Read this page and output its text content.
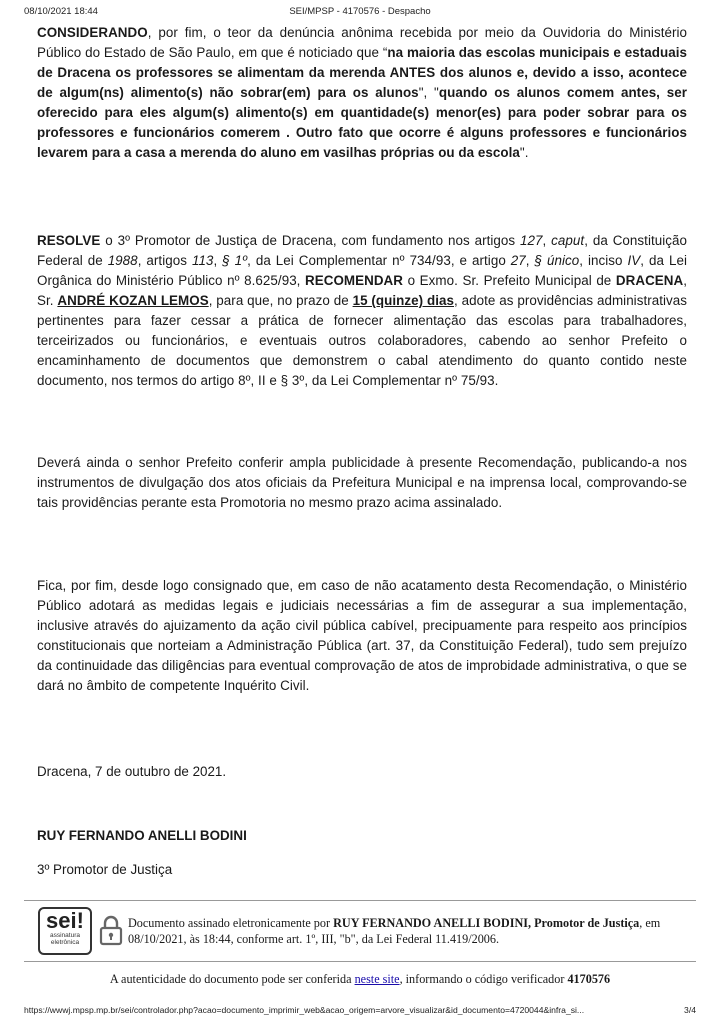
08/10/2021 18:44	SEI/MPSP - 4170576 - Despacho

CONSIDERANDO, por fim, o teor da denúncia anônima recebida por meio da Ouvidoria do Ministério Público do Estado de São Paulo, em que é noticiado que “na maioria das escolas municipais e estaduais de Dracena os professores se alimentam da merenda ANTES dos alunos e, devido a isso, acontece de algum(ns) alimento(s) não sobrar(em) para os alunos", "quando os alunos comem antes, ser oferecido para eles algum(s) alimento(s) em quantidade(s) menor(es) para poder sobrar para os professores e funcionários comerem . Outro fato que ocorre é alguns professores e funcionários levarem para a casa a merenda do aluno em vasilhas próprias ou da escola".

RESOLVE o 3º Promotor de Justiça de Dracena, com fundamento nos artigos 127, caput, da Constituição Federal de 1988, artigos 113, § 1º, da Lei Complementar nº 734/93, e artigo 27, § único, inciso IV, da Lei Orgânica do Ministério Público nº 8.625/93, RECOMENDAR o Exmo. Sr. Prefeito Municipal de DRACENA, Sr. ANDRÉ KOZAN LEMOS, para que, no prazo de 15 (quinze) dias, adote as providências administrativas pertinentes para fazer cessar a prática de fornecer alimentação das escolas para trabalhadores, terceirizados ou funcionários, e eventuais outros colaboradores, cabendo ao senhor Prefeito o encaminhamento de documentos que demonstrem o cabal atendimento do quanto contido neste documento, nos termos do artigo 8º, II e § 3º, da Lei Complementar nº 75/93.

Deverá ainda o senhor Prefeito conferir ampla publicidade à presente Recomendação, publicando-a nos instrumentos de divulgação dos atos oficiais da Prefeitura Municipal e na imprensa local, comprovando-se tais providências perante esta Promotoria no mesmo prazo acima assinalado.

Fica, por fim, desde logo consignado que, em caso de não acatamento desta Recomendação, o Ministério Público adotará as medidas legais e judiciais necessárias a fim de assegurar a sua implementação, inclusive através do ajuizamento da ação civil pública cabível, precipuamente para respeito aos princípios constitucionais que norteiam a Administração Pública (art. 37, da Constituição Federal), tudo sem prejuízo da continuidade das diligências para eventual comprovação de atos de improbidade administrativa, o que se dará no âmbito de competente Inquérito Civil.

Dracena, 7 de outubro de 2021.
RUY FERNANDO ANELLI BODINI
3º Promotor de Justiça
sei!
assinatura
eletrônica
Documento assinado eletronicamente por RUY FERNANDO ANELLI BODINI, Promotor de Justiça, em 08/10/2021, às 18:44, conforme art. 1º, III, "b", da Lei Federal 11.419/2006.
A autenticidade do documento pode ser conferida neste site, informando o código verificador 4170576
https://wwwj.mpsp.mp.br/sei/controlador.php?acao=documento_imprimir_web&acao_origem=arvore_visualizar&id_documento=4720044&infra_si...	3/4
